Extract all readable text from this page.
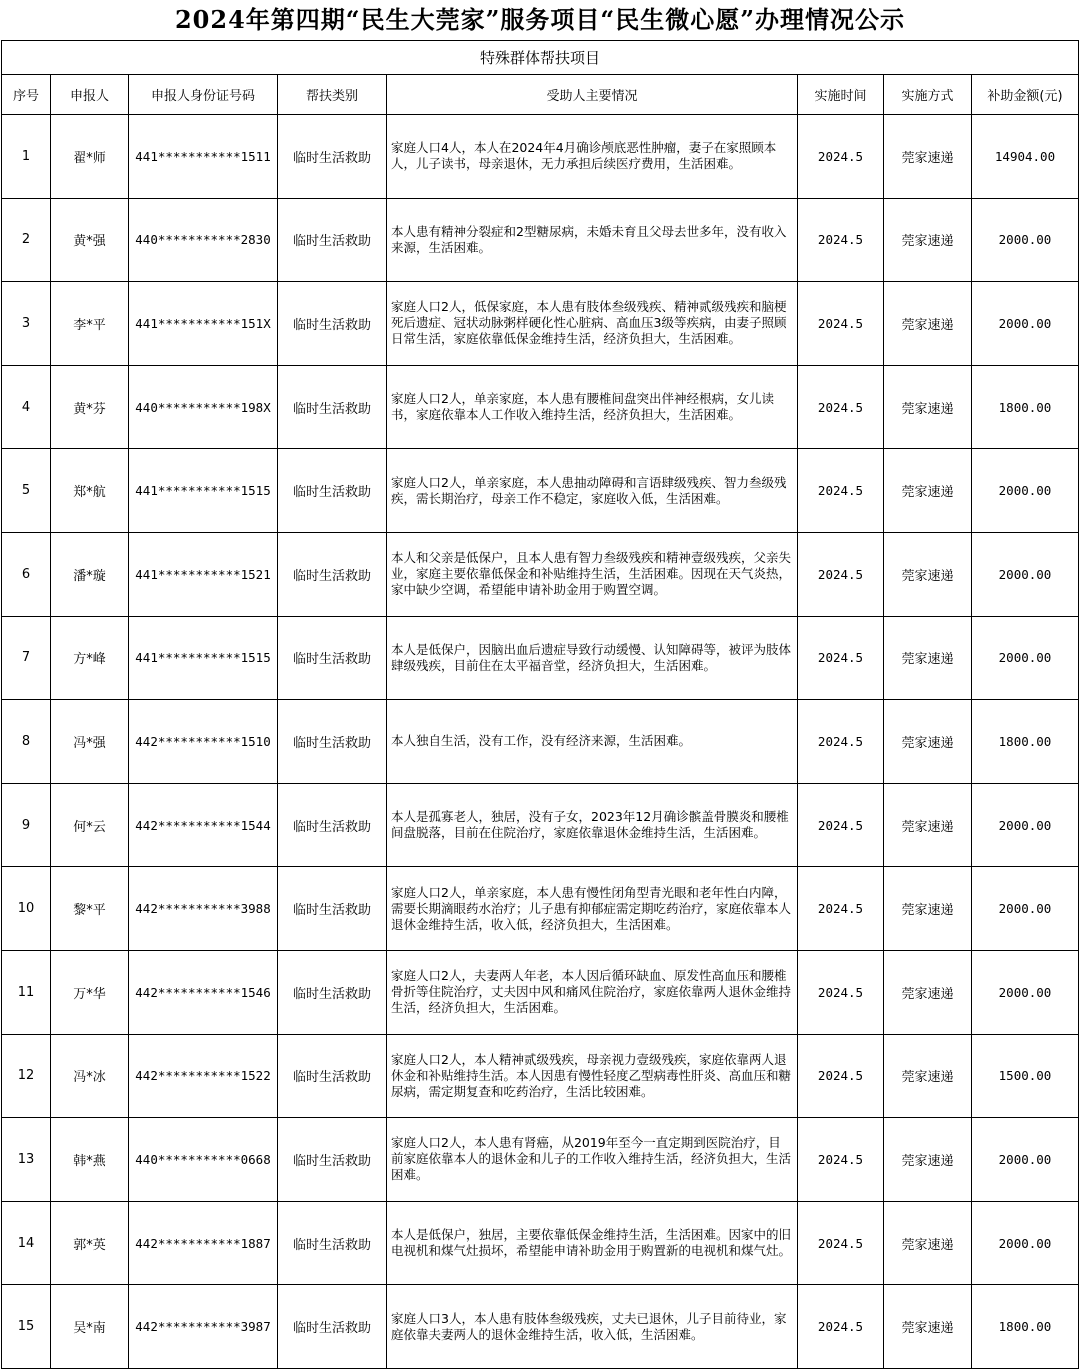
2024年第四期“民生大莞家”服务项目“民生微心愿”办理情况公示
特殊群体帮扶项目							
序号	申报人	申报人身份证号码	帮扶类别	受助人主要情况	实施时间	实施方式	补助金额(元)
1	翟*师	441***********1511	临时生活救助	家庭人口4人，本人在2024年4月确诊颅底恶性肿瘤，妻子在家照顾本人，儿子读书，母亲退休，无力承担后续医疗费用，生活困难。	2024.5	莞家速递	14904.00
2	黄*强	440***********2830	临时生活救助	本人患有精神分裂症和2型糖尿病，未婚未育且父母去世多年，没有收入来源，生活困难。	2024.5	莞家速递	2000.00
3	李*平	441***********151X	临时生活救助	家庭人口2人，低保家庭，本人患有肢体叁级残疾、精神贰级残疾和脑梗死后遗症、冠状动脉粥样硬化性心脏病、高血压3级等疾病，由妻子照顾日常生活，家庭依靠低保金维持生活，经济负担大，生活困难。	2024.5	莞家速递	2000.00
4	黄*芬	440***********198X	临时生活救助	家庭人口2人，单亲家庭，本人患有腰椎间盘突出伴神经根病，女儿读书，家庭依靠本人工作收入维持生活，经济负担大，生活困难。	2024.5	莞家速递	1800.00
5	郑*航	441***********1515	临时生活救助	家庭人口2人，单亲家庭，本人患抽动障碍和言语肆级残疾、智力叁级残疾，需长期治疗，母亲工作不稳定，家庭收入低，生活困难。	2024.5	莞家速递	2000.00
6	潘*璇	441***********1521	临时生活救助	本人和父亲是低保户，且本人患有智力叁级残疾和精神壹级残疾，父亲失业，家庭主要依靠低保金和补贴维持生活，生活困难。因现在天气炎热，家中缺少空调，希望能申请补助金用于购置空调。	2024.5	莞家速递	2000.00
7	方*峰	441***********1515	临时生活救助	本人是低保户，因脑出血后遗症导致行动缓慢、认知障碍等，被评为肢体肆级残疾，目前住在太平福音堂，经济负担大，生活困难。	2024.5	莞家速递	2000.00
8	冯*强	442***********1510	临时生活救助	本人独自生活，没有工作，没有经济来源，生活困难。	2024.5	莞家速递	1800.00
9	何*云	442***********1544	临时生活救助	本人是孤寡老人，独居，没有子女，2023年12月确诊髌盖骨膜炎和腰椎间盘脱落，目前在住院治疗，家庭依靠退休金维持生活，生活困难。	2024.5	莞家速递	2000.00
10	黎*平	442***********3988	临时生活救助	家庭人口2人，单亲家庭，本人患有慢性闭角型青光眼和老年性白内障，需要长期滴眼药水治疗；儿子患有抑郁症需定期吃药治疗，家庭依靠本人退休金维持生活，收入低，经济负担大，生活困难。	2024.5	莞家速递	2000.00
11	万*华	442***********1546	临时生活救助	家庭人口2人，夫妻两人年老，本人因后循环缺血、原发性高血压和腰椎骨折等住院治疗，丈夫因中风和痛风住院治疗，家庭依靠两人退休金维持生活，经济负担大，生活困难。	2024.5	莞家速递	2000.00
12	冯*冰	442***********1522	临时生活救助	家庭人口2人，本人精神贰级残疾，母亲视力壹级残疾，家庭依靠两人退休金和补贴维持生活。本人因患有慢性轻度乙型病毒性肝炎、高血压和糖尿病，需定期复查和吃药治疗，生活比较困难。	2024.5	莞家速递	1500.00
13	韩*燕	440***********0668	临时生活救助	家庭人口2人，本人患有肾癌，从2019年至今一直定期到医院治疗，目前家庭依靠本人的退休金和儿子的工作收入维持生活，经济负担大，生活困难。	2024.5	莞家速递	2000.00
14	郭*英	442***********1887	临时生活救助	本人是低保户，独居，主要依靠低保金维持生活，生活困难。因家中的旧电视机和煤气灶损坏，希望能申请补助金用于购置新的电视机和煤气灶。	2024.5	莞家速递	2000.00
15	吴*南	442***********3987	临时生活救助	家庭人口3人，本人患有肢体叁级残疾，丈夫已退休，儿子目前待业，家庭依靠夫妻两人的退休金维持生活，收入低，生活困难。	2024.5	莞家速递	1800.00
